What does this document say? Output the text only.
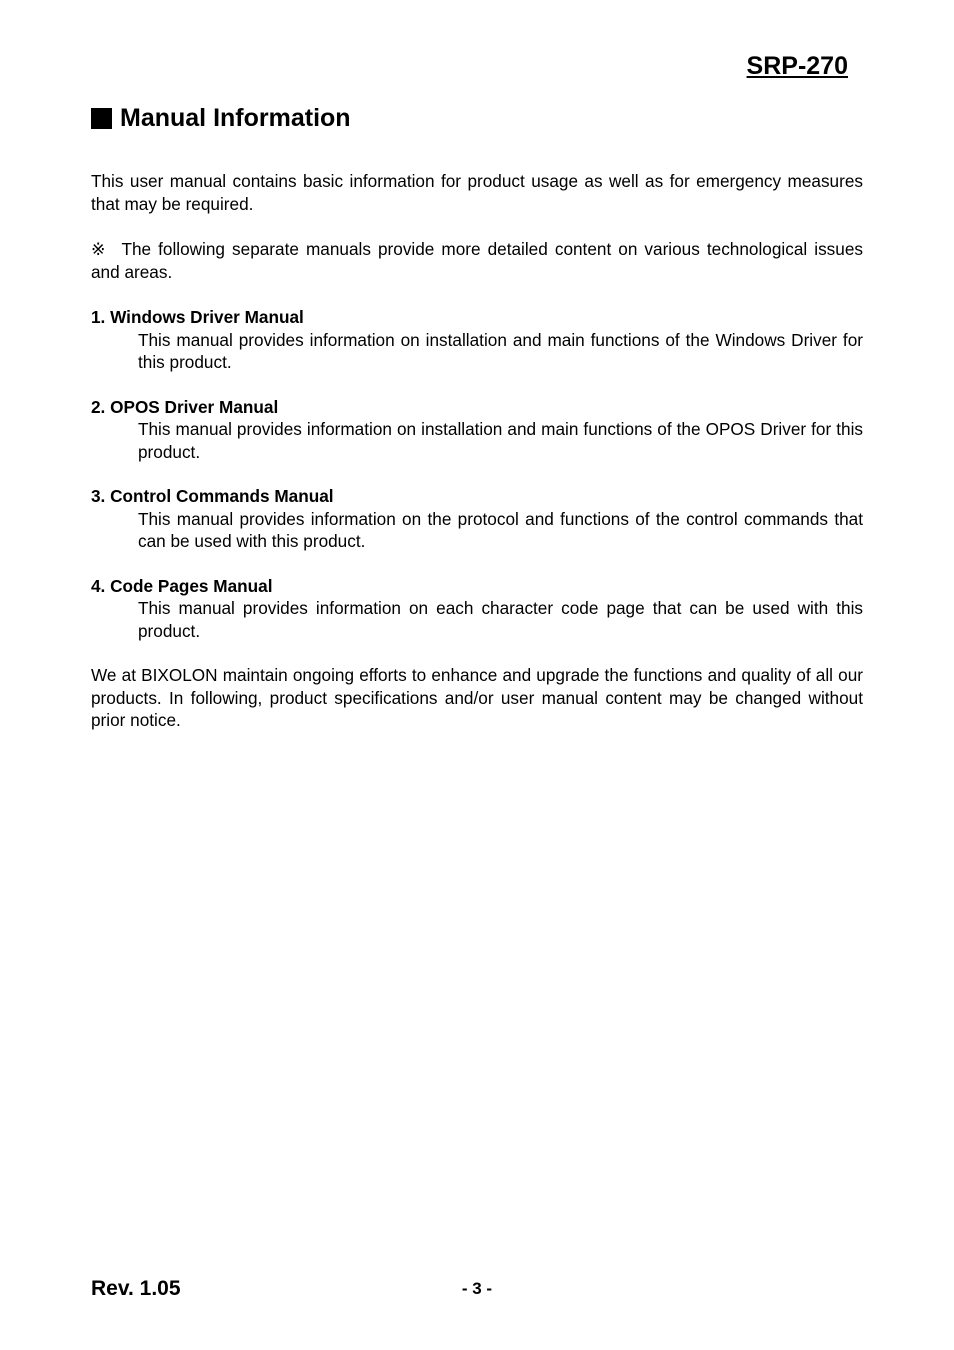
SRP-270
Manual Information

This user manual contains basic information for product usage as well as for emergency measures that may be required.

※ The following separate manuals provide more detailed content on various technological issues and areas.

1. Windows Driver Manual

This manual provides information on installation and main functions of the Windows Driver for this product.

2. OPOS Driver Manual

This manual provides information on installation and main functions of the OPOS Driver for this product.

3. Control Commands Manual

This manual provides information on the protocol and functions of the control commands that can be used with this product.

4. Code Pages Manual

This manual provides information on each character code page that can be used with this product.

We at BIXOLON maintain ongoing efforts to enhance and upgrade the functions and quality of all our products. In following, product specifications and/or user manual content may be changed without prior notice.

Rev. 1.05	- 3 -
